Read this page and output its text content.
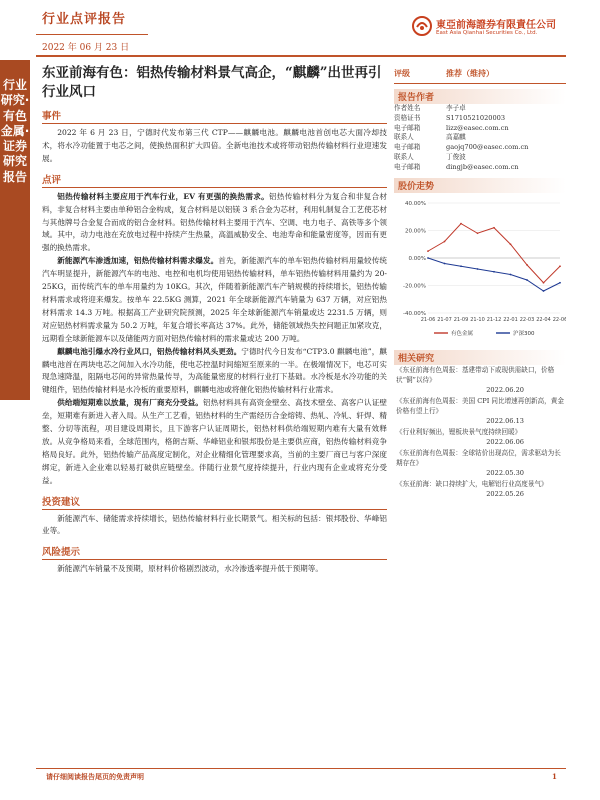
行业点评报告
2022 年 06 月 23 日
東亞前海證券有限責任公司
East Asia Qianhai Securities Co., Ltd.
行业研究·有色金属·证券研究报告
东亚前海有色：铝热传输材料景气高企，“麒麟”出世再引行业风口
事件
2022 年 6 月 23 日，宁德时代发布第三代 CTP——麒麟电池。麒麟电池首创电芯大面冷却技术，将水冷功能置于电芯之间，使换热面积扩大四倍。全新电池技术或将带动铝热传输材料行业迎速发展。
点评
铝热传输材料主要应用于汽车行业，EV 有更强的换热需求。铝热传输材料分为复合和非复合材料，非复合材料主要由单种铝合金构成，复合材料是以铝镁 3 系合金为芯材，利用轧制复合工艺使芯材与其他牌号合金复合而成的铝合金材料。铝热传输材料主要用于汽车、空调、电力电子、高铁等多个领域。其中，动力电池在充放电过程中持续产生热量，高温威胁安全、电池寿命和能量密度等，因而有更强的换热需求。
新能源汽车渗透加速，铝热传输材料需求爆发。首先，新能源汽车的单车铝热传输材料用量较传统汽车明显提升，新能源汽车的电池、电控和电机均使用铝热传输材料，单车铝热传输材料用量约为 20-25KG，而传统汽车的单车用量约为 10KG。其次，伴随着新能源汽车产销规模的持续增长，铝热传输材料需求或将迎来爆发。按单车 22.5KG 测算，2021 年全球新能源汽车销量为 637 万辆，对应铝热材料需求 14.3 万吨。根据高工产业研究院预测，2025 年全球新能源汽车销量或达 2231.5 万辆，则对应铝热材料需求量为 50.2 万吨，年复合增长率高达 37%。此外，储能领域热失控问题正加紧攻克，远期看全球新能源车以及储能两方面对铝热传输材料的需求量或达 200 万吨。
麒麟电池引爆水冷行业风口，铝热传输材料风头更劲。宁德时代今日发布“CTP3.0 麒麟电池”，麒麟电池首在两块电芯之间加入水冷功能，使电芯控温时间缩短至原来的一半。在极端情况下，电芯可实现急速降温，阻隔电芯间的异常热量传导，为高能量密度的材料行业打下基础。水冷板是水冷功能的关键组件，铝热传输材料是水冷板的重要原料，麒麟电池或将催化铝热传输材料行业需求。
供给端短期难以放量，现有厂商充分受益。铝热材料具有高资金壁垒、高技术壁垒、高客户认证壁垒，短期难有新进入者入局。从生产工艺看，铝热材料的生产需经历合金熔铸、热轧、冷轧、轩焊、精整、分切等流程，项目建设周期长，且下游客户认证周期长，铝热材料供给端短期内难有大量有效释放。从竞争格局来看，全球范围内，格朗吉斯、华峰铝业和银邦股份是主要供应商，铝热传输材料竞争格局良好。此外，铝热传输产品高度定制化，对企业精细化管理要求高，当前的主要厂商已与客户深度绑定，新进入企业难以轻易打破供应链壁垒。伴随行业景气度持续提升，行业内现有企业或将充分受益。
投资建议
新能源汽车、储能需求持续增长，铝热传输材料行业长期景气。相关标的包括：银邦股份、华峰铝业等。
风险提示
新能源汽车销量不及预期，原材料价格剧烈波动，水冷渗透率提升低于预期等。
评级	推荐（维持）
报告作者
作者姓名	李子卓
资格证书	S1710521020003
电子邮箱	lizz@easec.com.cn
联系人	高嘉麒
电子邮箱	gaojq700@easec.com.cn
联系人	丁俊波
电子邮箱	dingjb@easec.com.cn
股价走势
40.00%
20.00%
0.00%
-20.00%
-40.00%
21-06 21-07 21-09 21-10 21-12 22-01 22-03 22-04 22-06
有色金属	沪深300
相关研究
《东亚前海有色周报：基建带动下或现供需缺口，价格状“铜”以待》
2022.06.20
《东亚前海有色周报：美国 CPI 同比增速再创新高，黄金价格有望上行》
2022.06.13
《行业利好频出，锂板块景气度持续回暖》
2022.06.06
《东亚前海有色周报：全球钴价出现高位，需求驱动为长期存在》
2022.05.30
《东亚前海：缺口持续扩大，电解铝行业高度景气》
2022.05.26
请仔细阅读报告尾页的免责声明	1
